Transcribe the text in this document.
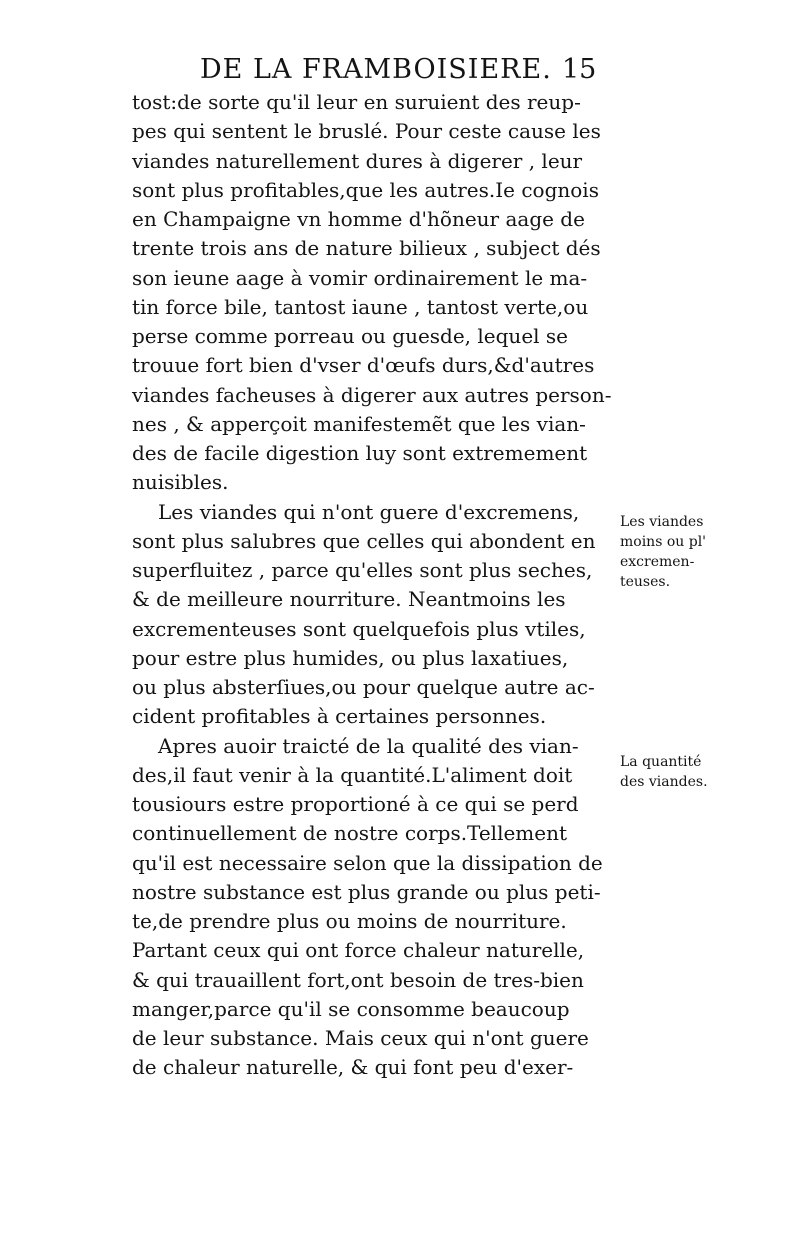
DE LA FRAMBOISIERE. 15
tost:de sorte qu'il leur en suruient des reup-
pes qui sentent le bruslé. Pour ceste cause les
viandes naturellement dures à digerer , leur
sont plus profitables,que les autres.Ie cognois
en Champaigne vn homme d'hõneur aage de
trente trois ans de nature bilieux , subject dés
son ieune aage à vomir ordinairement le ma-
tin force bile, tantost iaune , tantost verte,ou
perse comme porreau ou guesde, lequel se
trouue fort bien d'vser d'œufs durs,&d'autres
viandes facheuses à digerer aux autres person-
nes , & apperçoit manifestemẽt que les vian-
des de facile digestion luy sont extremement
nuisibles.
Les viandes qui n'ont guere d'excremens,
sont plus salubres que celles qui abondent en
superfluitez , parce qu'elles sont plus seches,
& de meilleure nourriture. Neantmoins les
excrementeuses sont quelquefois plus vtiles,
pour estre plus humides, ou plus laxatiues,
ou plus absterſiues,ou pour quelque autre ac-
cident profitables à certaines personnes.
Apres auoir traicté de la qualité des vian-
des,il faut venir à la quantité.L'aliment doit
tousiours estre proportioné à ce qui se perd
continuellement de nostre corps.Tellement
qu'il est necessaire selon que la dissipation de
nostre substance est plus grande ou plus peti-
te,de prendre plus ou moins de nourriture.
Partant ceux qui ont force chaleur naturelle,
& qui trauaillent fort,ont besoin de tres-bien
manger,parce qu'il se consomme beaucoup
de leur substance. Mais ceux qui n'ont guere
de chaleur naturelle, & qui font peu d'exer-
Les viandes
moins ou pl'
excremen-
teuses.
La quantité
des viandes.
